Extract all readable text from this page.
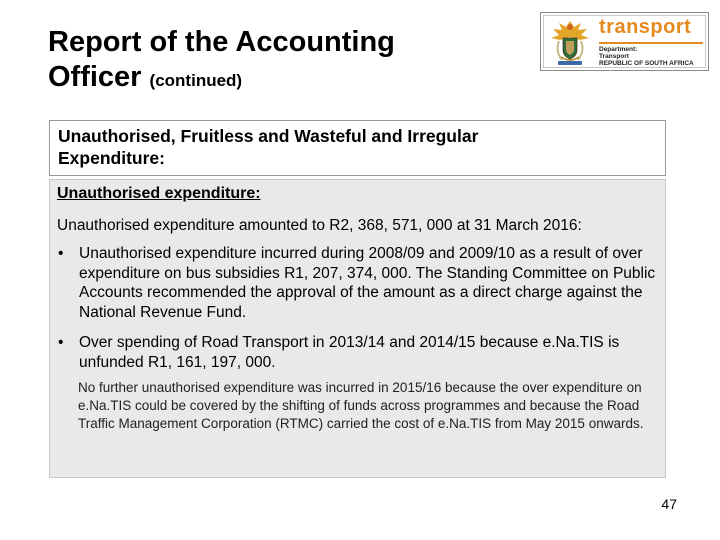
Report of the Accounting
Officer (continued)
transport
Department:
Transport
REPUBLIC OF SOUTH AFRICA
Unauthorised, Fruitless and Wasteful and Irregular
Expenditure:

Unauthorised expenditure:

Unauthorised expenditure amounted to R2, 368, 571, 000 at 31 March 2016:

• Unauthorised expenditure incurred during 2008/09 and 2009/10 as a result of over expenditure on bus subsidies R1, 207, 374, 000. The Standing Committee on Public Accounts recommended the approval of the amount as a direct charge against the National Revenue Fund.
• Over spending of Road Transport in 2013/14 and 2014/15 because e.Na.TIS is unfunded R1, 161, 197, 000.

No further unauthorised expenditure was incurred in 2015/16 because the over expenditure on e.Na.TIS could be covered by the shifting of funds across programmes and because the Road Traffic Management Corporation (RTMC) carried the cost of e.Na.TIS from May 2015 onwards.

47
